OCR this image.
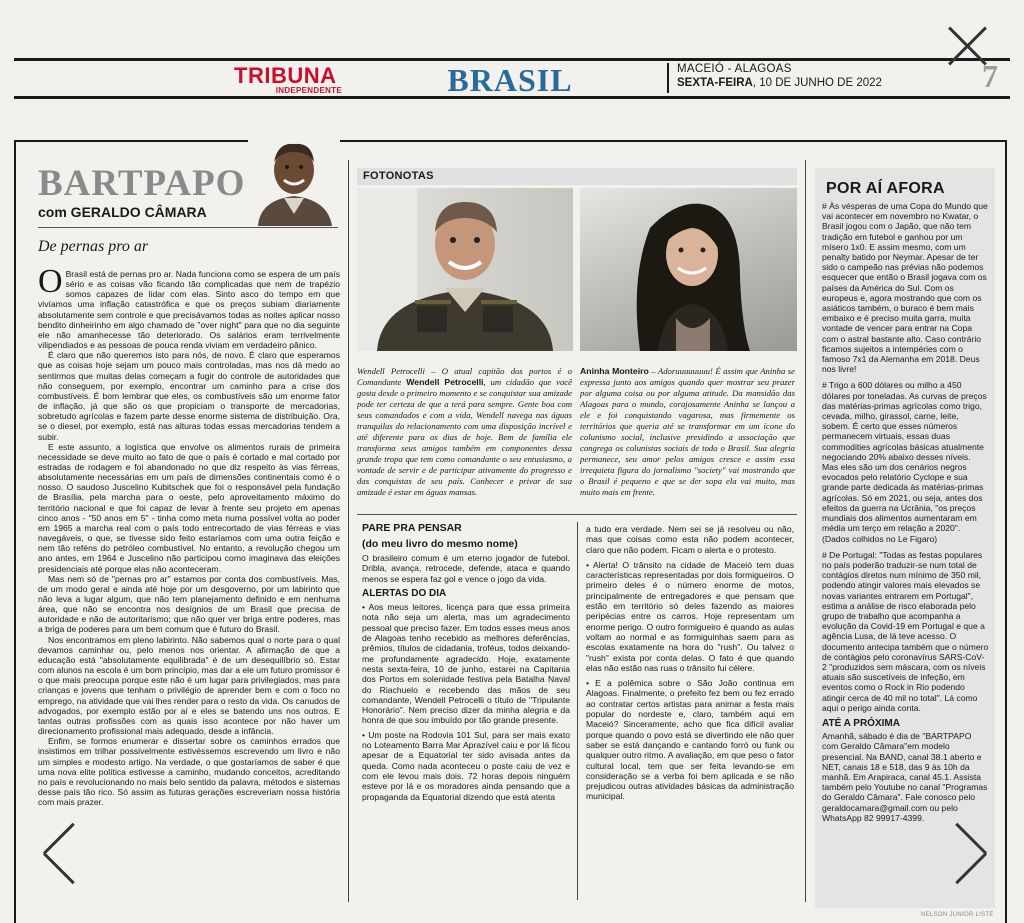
TRIBUNA
INDEPENDENTE	BRASIL	MACEIÓ - ALAGOAS
SEXTA-FEIRA, 10 DE JUNHO DE 2022	7
BARTPAPO
com GERALDO CÂMARA
De pernas pro ar

O Brasil está de pernas pro ar. Nada funciona como se espera de um país sério e as coisas vão ficando tão complicadas que nem de trapézio somos capazes de lidar com elas. Sinto asco do tempo em que vivíamos uma inflação catastrófica e que os preços subiam diariamente absolutamente sem controle e que precisávamos todas as noites aplicar nosso bendito dinheirinho em algo chamado de "over night" para que no dia seguinte ele não amanhecesse tão deteriorado. Os salários eram terrivelmente vilipendiados e as pessoas de pouca renda viviam em verdadeiro pânico.

É claro que não queremos isto para nós, de novo. É claro que esperamos que as coisas hoje sejam um pouco mais controladas, mas nos dá medo ao sentirmos que muitas delas começam a fugir do controle de autoridades que não conseguem, por exemplo, encontrar um caminho para a crise dos combustíveis. É bom lembrar que eles, os combustíveis são um enorme fator de inflação, já que são os que propiciam o transporte de mercadorias, sobretudo agrícolas e fazem parte desse enorme sistema de distribuição. Ora, se o diesel, por exemplo, está nas alturas todas essas mercadorias tendem a subir.

E este assunto, a logística que envolve os alimentos rurais de primeira necessidade se deve muito ao fato de que o país é cortado e mal cortado por estradas de rodagem e foi abandonado no que diz respeito às vias férreas, absolutamente necessárias em um país de dimensões continentais como é o nosso. O saudoso Juscelino Kubitschek que foi o responsável pela fundação de Brasília, pela marcha para o oeste, pelo aproveitamento máximo do território nacional e que foi capaz de levar à frente seu projeto em apenas cinco anos - "50 anos em 5" - tinha como meta numa possível volta ao poder em 1965 a marcha real com o país todo entrecortado de vias férreas e vias navegáveis, o que, se tivesse sido feito estaríamos com uma outra feição e nem tão reféns do petróleo combustível. No entanto, a revolução chegou um ano antes, em 1964 e Juscelino não participou como imaginava das eleições presidenciais até porque elas não aconteceram.

Mas nem só de "pernas pro ar" estamos por conta dos combustíveis. Mas, de um modo geral e ainda até hoje por um desgoverno, por um labirinto que não leva a lugar algum, que não tem planejamento definido e em nenhuma área, que não se encontra nos desígnios de um Brasil que precisa de autoridade e não de autoritarismo; que não quer ver briga entre poderes, mas a briga de poderes para um bem comum que é futuro do Brasil.

Nos encontramos em pleno labirinto. Não sabemos qual o norte para o qual devamos caminhar ou, pelo menos nos orientar. A afirmação de que a educação está "absolutamente equilibrada" é de um desequilíbrio só. Estar com alunos na escola é um bom princípio, mas dar a ele um futuro promissor é o que mais preocupa porque este não é um lugar para privilegiados, mas para crianças e jovens que tenham o privilégio de aprender bem e com o foco no emprego, na atividade que vai lhes render para o resto da vida. Os canudos de advogados, por exemplo estão por aí e eles se batendo uns nos outros. E tantas outras profissões com as quais isso acontece por não haver um direcionamento profissional mais adequado, desde a infância.

Enfim, se formos enumerar e dissertar sobre os caminhos errados que insistimos em trilhar possivelmente estivéssemos escrevendo um livro e não um simples e modesto artigo. Na verdade, o que gostaríamos de saber é que uma nova elite política estivesse a caminho, mudando conceitos, acreditando no país e revolucionando no mais belo sentido da palavra, métodos e sistemas desse país tão rico. Só assim as futuras gerações escreveriam nossa história com mais prazer.

FOTONOTAS
Wendell Petrocelli – O atual capitão dos portos é o Comandante Wendell Petrocelli, um cidadão que você gosta desde o primeiro momento e se conquistar sua amizade pode ter certeza de que a terá para sempre. Gente boa com seus comandados e com a vida, Wendell navega nas águas tranquilas do relacionamento com uma disposição incrível e até diferente para os dias de hoje. Bem de família ele transforma seus amigos também em componentes dessa grande tropa que tem como comandante o seu entusiasmo, a vontade de servir e de participar ativamente do progresso e das conquistas de seu país. Conhecer e privar de sua amizade é estar em águas mansas.
Aninha Monteiro – Adoruuuuuuuu! É assim que Aninha se expressa junto aos amigos quando quer mostrar seu prazer por alguma coisa ou por alguma atitude. Da mansidão das Alagoas para o mundo, corajosamente Aninha se lançou a ele e foi conquistando vagarosa, mas firmemente os territórios que queria até se transformar em um ícone do colunismo social, inclusive presidindo a associação que congrega os colunistas sociais de todo o Brasil. Sua alegria permanece, seu amor pelos amigos cresce e assim essa irrequieta figura do jornalismo "society" vai mostrando que o Brasil é pequeno e que se der sopa ela vai muito, mas muito mais em frente.
PARE PRA PENSAR
(do meu livro do mesmo nome)

O brasileiro comum é um eterno jogador de futebol. Dribla, avança, retrocede, defende, ataca e quando menos se espera faz gol e vence o jogo da vida.

ALERTAS DO DIA

• Aos meus leitores, licença para que essa primeira nota não seja um alerta, mas um agradecimento pessoal que preciso fazer. Em todos esses meus anos de Alagoas tenho recebido as melhores deferências, prêmios, títulos de cidadania, troféus, todos deixando-me profundamente agradecido. Hoje, exatamente nesta sexta-feira, 10 de junho, estarei na Capitania dos Portos em solenidade festiva pela Batalha Naval do Riachuelo e recebendo das mãos de seu comandante, Wendell Petrocelli o título de "Tripulante Honorário". Nem preciso dizer da minha alegria e da honra de que sou imbuído por tão grande presente.

• Um poste na Rodovia 101 Sul, para ser mais exato no Loteamento Barra Mar Aprazível caiu e por lá ficou apesar de a Equatorial ter sido avisada antes da queda. Como nada aconteceu o poste caiu de vez e com ele levou mais dois. 72 horas depois ninguém esteve por lá e os moradores ainda pensando que a propaganda da Equatorial dizendo que está atenta

a tudo era verdade. Nem sei se já resolveu ou não, mas que coisas como esta não podem acontecer, claro que não podem. Ficam o alerta e o protesto.

• Alerta! O trânsito na cidade de Maceió tem duas características representadas por dois formigueiros. O primeiro deles é o número enorme de motos, principalmente de entregadores e que pensam que estão em território só deles fazendo as maiores peripécias entre os carros. Hoje representam um enorme perigo. O outro formigueiro é quando as aulas voltam ao normal e as formiguinhas saem para as escolas exatamente na hora do "rush". Ou talvez o "rush" exista por conta delas. O fato é que quando elas não estão nas ruas o trânsito fui célere.

• E a polêmica sobre o São João continua em Alagoas. Finalmente, o prefeito fez bem ou fez errado ao contratar certos artistas para animar a festa mais popular do nordeste e, claro, também aqui em Maceió? Sinceramente, acho que fica difícil avaliar porque quando o povo está se divertindo ele não quer saber se está dançando e cantando forró ou funk ou qualquer outro ritmo. A avaliação, em que peso o fator cultural local, tem que ser feita levando-se em consideração se a verba foi bem aplicada e se não prejudicou outras atividades básicas da administração municipal.

POR AÍ AFORA

# Às vésperas de uma Copa do Mundo que vai acontecer em novembro no Kwatar, o Brasil jogou com o Japão, que não tem tradição em futebol e ganhou por um mísero 1x0. E assim mesmo, com um penalty batido por Neymar. Apesar de ter sido o campeão nas prévias não podemos esquecer que então o Brasil jogava com os países da América do Sul. Com os europeus e, agora mostrando que com os asiáticos também, o buraco é bem mais embaixo e é preciso muita garra, muita vontade de vencer para entrar na Copa com o astral bastante alto. Caso contrário ficamos sujeitos a intempéries com o famoso 7x1 da Alemanha em 2018. Deus nos livre!

# Trigo a 600 dólares ou milho a 450 dólares por toneladas. As curvas de preços das matérias-primas agrícolas como trigo, cevada, milho, girassol, carne, leite, sobem. É certo que esses números permanecem virtuais, essas duas commodities agrícolas básicas atualmente negociando 20% abaixo desses níveis. Mas eles são um dos cenários negros evocados pelo relatório Cyclope e sua grande parte dedicada às matérias-primas agrícolas. Só em 2021, ou seja, antes dos efeitos da guerra na Ucrânia, "os preços mundiais dos alimentos aumentaram em média um terço em relação a 2020". (Dados colhidos no Le Figaro)

# De Portugal: "Todas as festas populares no país poderão traduzir-se num total de contágios diretos num mínimo de 350 mil, podendo atingir valores mais elevados se novas variantes entrarem em Portugal", estima a análise de risco elaborada pelo grupo de trabalho que acompanha a evolução da Covid-19 em Portugal e que a agência Lusa, de lá teve acesso. O documento antecipa também que o número de contágios pelo coronavírus SARS-CoV-2 "produzidos sem máscara, com os níveis atuais são suscetíveis de infeção, em eventos como o Rock in Rio podendo atingir cerca de 40 mil no total". Lá como aqui o perigo ainda conta.

ATÉ A PRÓXIMA

Amanhã, sábado é dia de "BARTPAPO com Geraldo Câmara"em modelo presencial. Na BAND, canal 38.1 aberto e NET, canais 18 e 518, das 9 às 10h da manhã. Em Arapiraca, canal 45.1. Assista também pelo Youtube no canal "Programas do Geraldo Câmara". Fale conosco pelo geraldocamara@gmail.com ou pelo WhatsApp 82 99917-4399.

NELSON JUNIOR LISTE
